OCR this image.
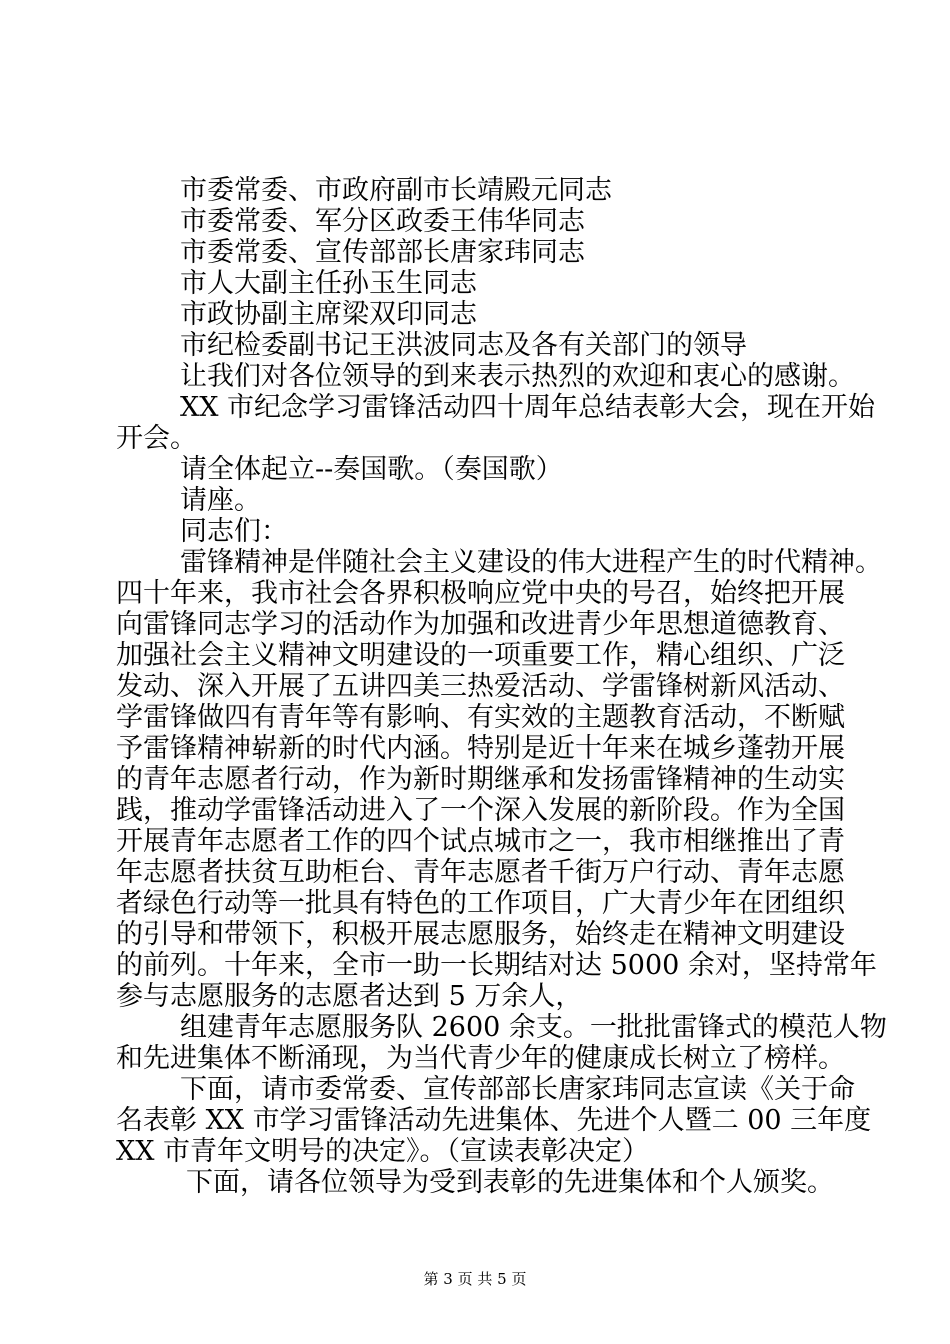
市委常委、市政府副市长靖殿元同志

市委常委、军分区政委王伟华同志

市委常委、宣传部部长唐家玮同志

市人大副主任孙玉生同志

市政协副主席梁双印同志

市纪检委副书记王洪波同志及各有关部门的领导

让我们对各位领导的到来表示热烈的欢迎和衷心的感谢。

XX 市纪念学习雷锋活动四十周年总结表彰大会，现在开始

开会。

请全体起立--奏国歌。（奏国歌）

请座。

同志们：

雷锋精神是伴随社会主义建设的伟大进程产生的时代精神。

四十年来，我市社会各界积极响应党中央的号召，始终把开展

向雷锋同志学习的活动作为加强和改进青少年思想道德教育、

加强社会主义精神文明建设的一项重要工作，精心组织、广泛

发动、深入开展了五讲四美三热爱活动、学雷锋树新风活动、

学雷锋做四有青年等有影响、有实效的主题教育活动，不断赋

予雷锋精神崭新的时代内涵。特别是近十年来在城乡蓬勃开展

的青年志愿者行动，作为新时期继承和发扬雷锋精神的生动实

践，推动学雷锋活动进入了一个深入发展的新阶段。作为全国

开展青年志愿者工作的四个试点城市之一，我市相继推出了青

年志愿者扶贫互助柜台、青年志愿者千街万户行动、青年志愿

者绿色行动等一批具有特色的工作项目，广大青少年在团组织

的引导和带领下，积极开展志愿服务，始终走在精神文明建设

的前列。十年来，全市一助一长期结对达 5000 余对，坚持常年

参与志愿服务的志愿者达到 5 万余人，

组建青年志愿服务队 2600 余支。一批批雷锋式的模范人物

和先进集体不断涌现，为当代青少年的健康成长树立了榜样。

下面，请市委常委、宣传部部长唐家玮同志宣读《关于命

名表彰 XX 市学习雷锋活动先进集体、先进个人暨二 00 三年度

XX 市青年文明号的决定》。（宣读表彰决定）

下面，请各位领导为受到表彰的先进集体和个人颁奖。

第 3 页 共 5 页
